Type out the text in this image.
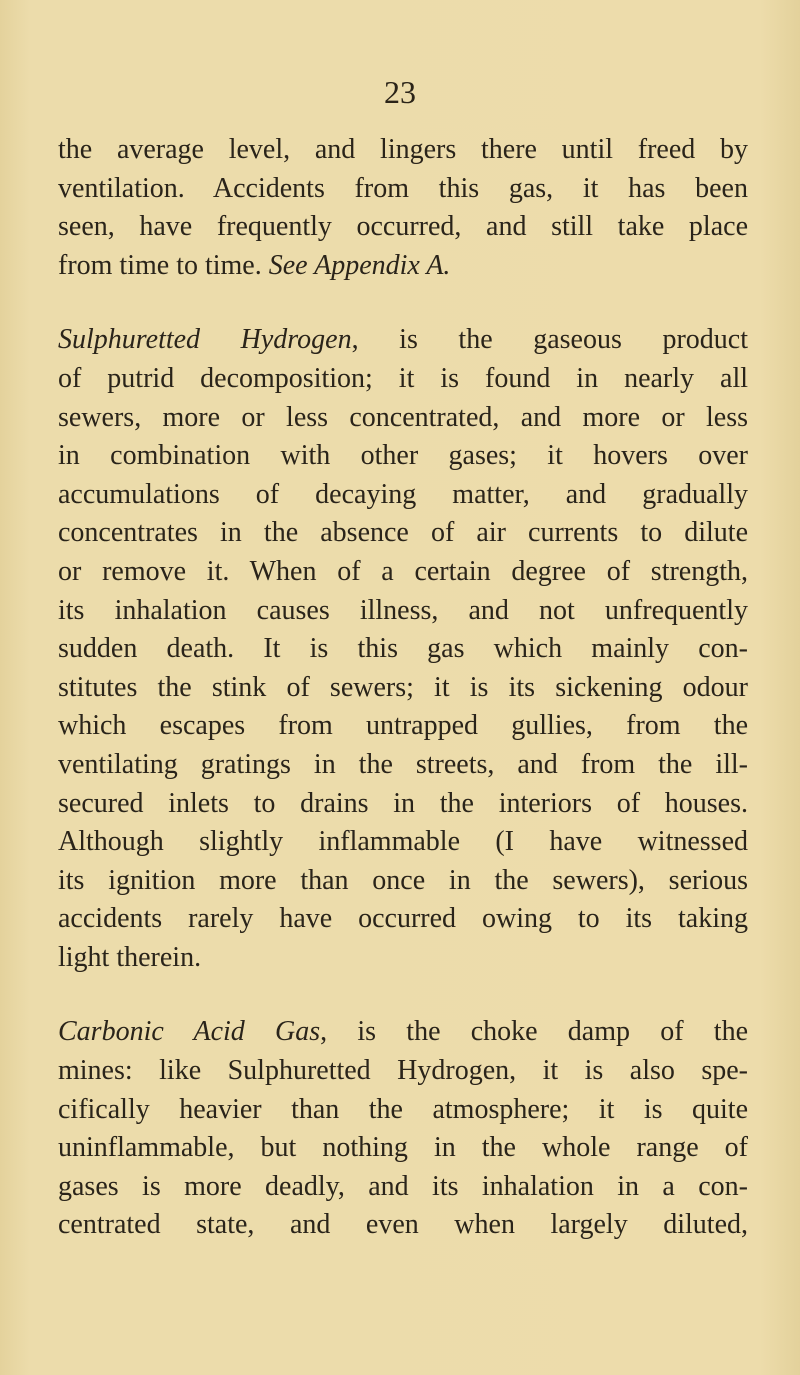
23
the average level, and lingers there until freed by
ventilation. Accidents from this gas, it has been
seen, have frequently occurred, and still take place
from time to time. See Appendix A.
Sulphuretted Hydrogen, is the gaseous product
of putrid decomposition; it is found in nearly all
sewers, more or less concentrated, and more or less
in combination with other gases; it hovers over
accumulations of decaying matter, and gradually
concentrates in the absence of air currents to dilute
or remove it. When of a certain degree of strength,
its inhalation causes illness, and not unfrequently
sudden death. It is this gas which mainly con-
stitutes the stink of sewers; it is its sickening odour
which escapes from untrapped gullies, from the
ventilating gratings in the streets, and from the ill-
secured inlets to drains in the interiors of houses.
Although slightly inflammable (I have witnessed
its ignition more than once in the sewers), serious
accidents rarely have occurred owing to its taking
light therein.
Carbonic Acid Gas, is the choke damp of the
mines: like Sulphuretted Hydrogen, it is also spe-
cifically heavier than the atmosphere; it is quite
uninflammable, but nothing in the whole range of
gases is more deadly, and its inhalation in a con-
centrated state, and even when largely diluted,
